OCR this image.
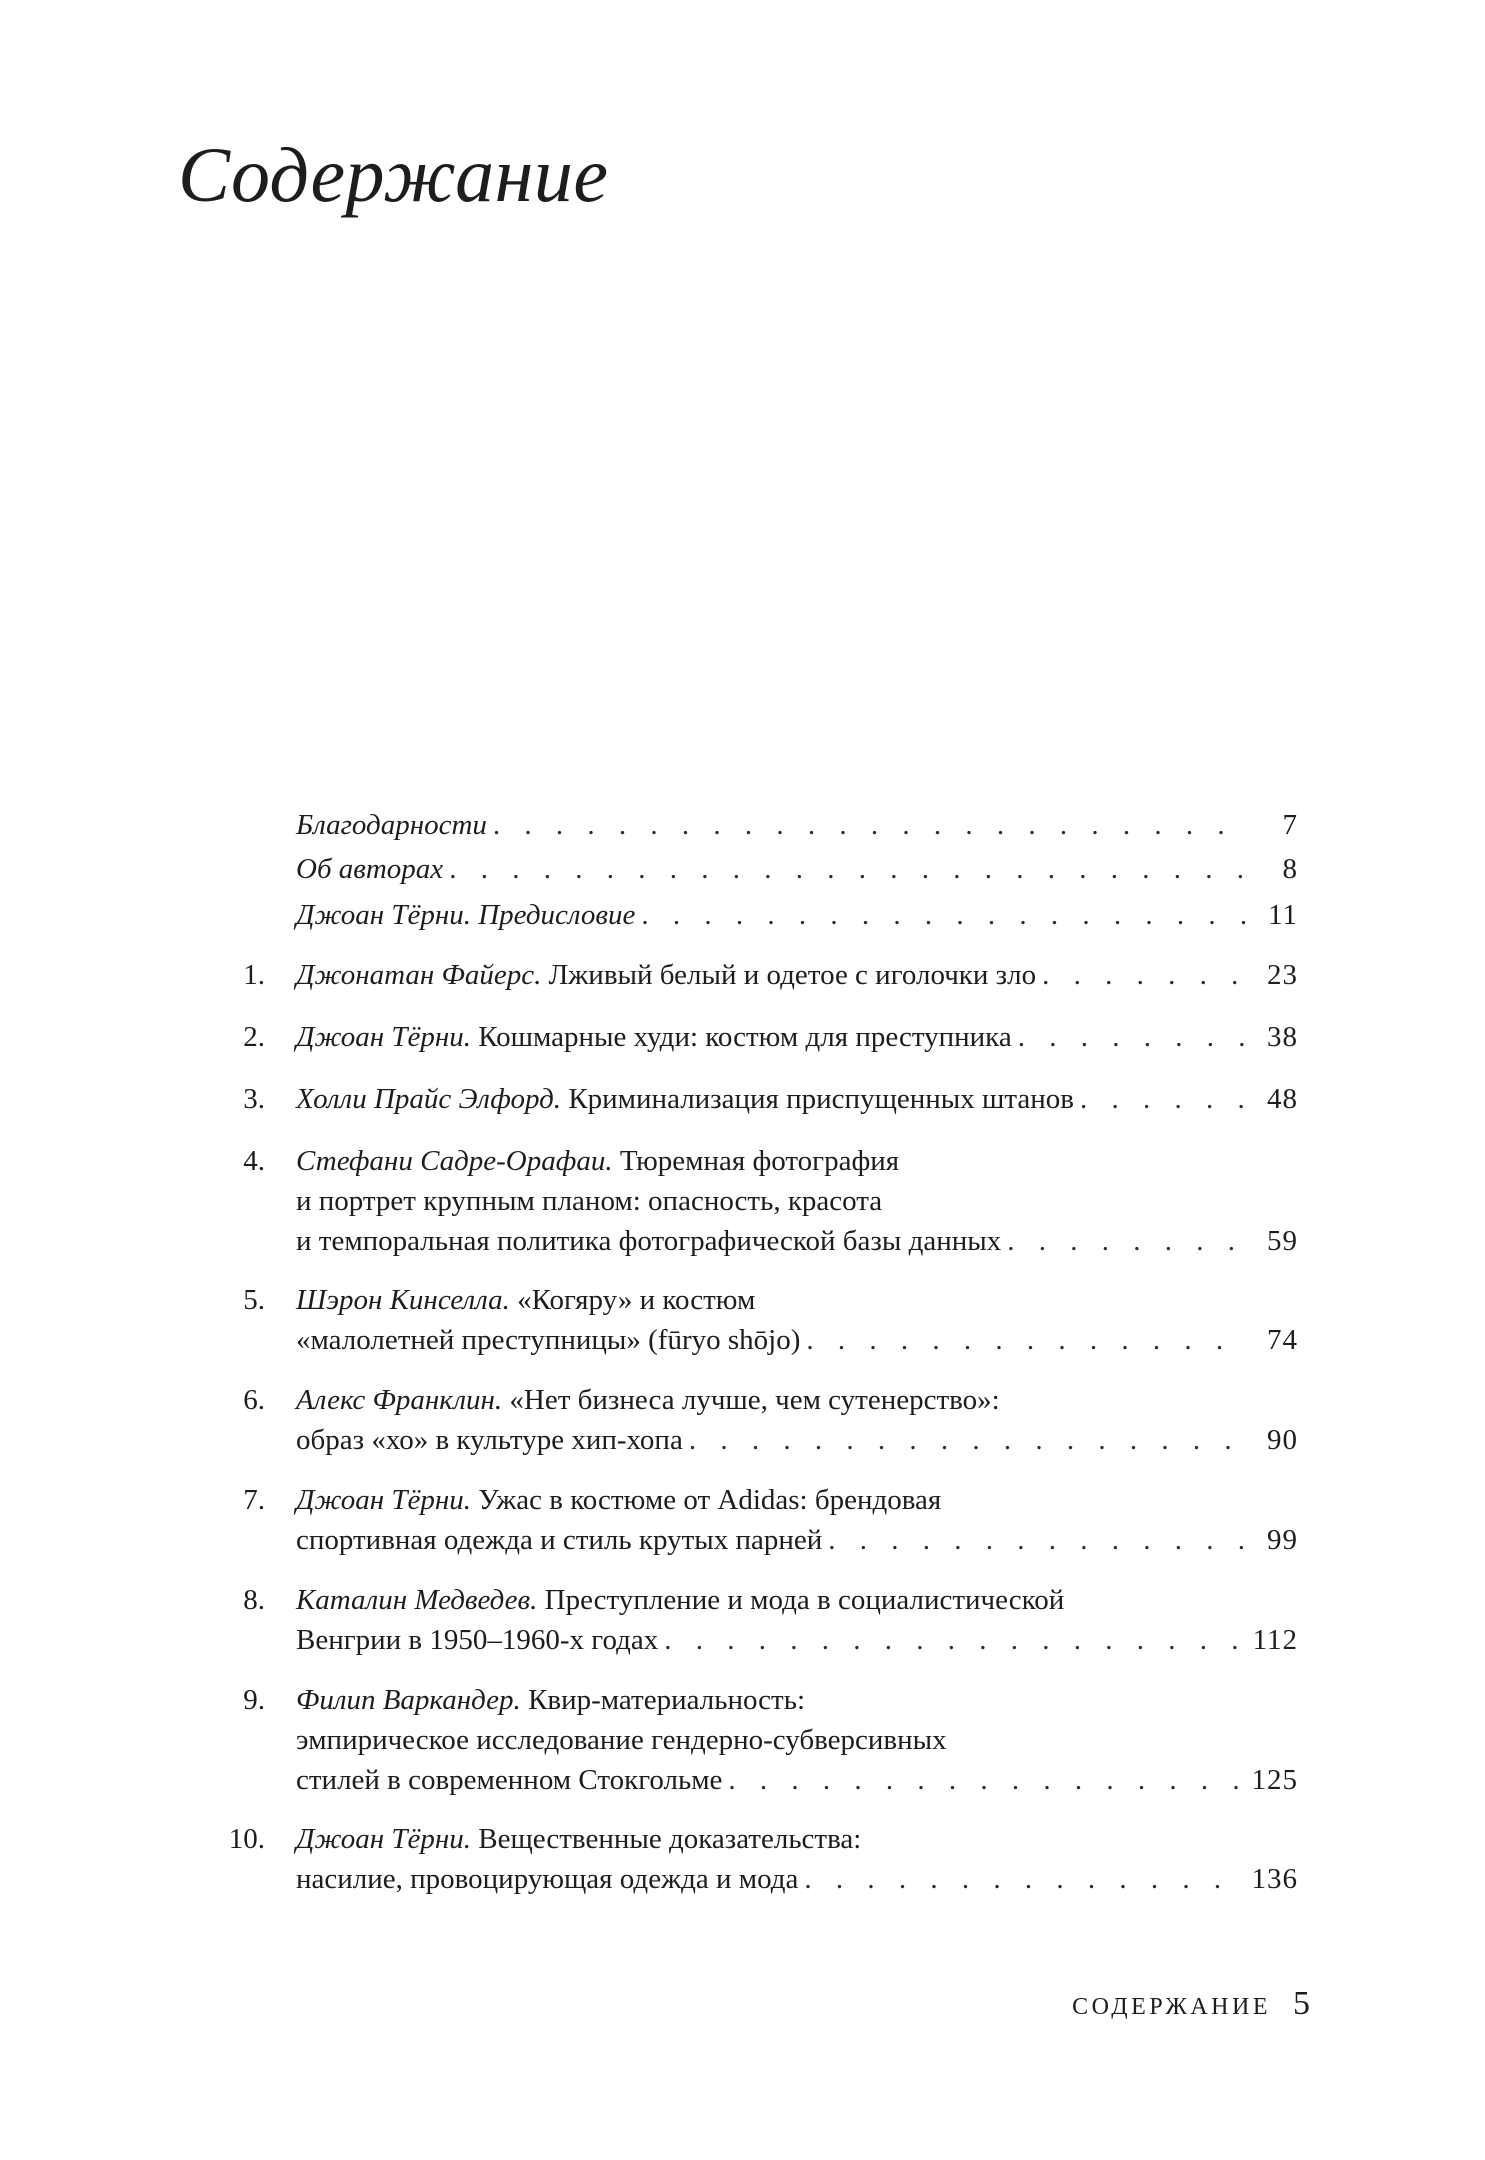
Содержание
Благодарности . . .	7
Об авторах . . .	8
Джоан Тёрни. Предисловие . . .	11
1. Джонатан Файерс. Лживый белый и одетое с иголочки зло . . .	23
2. Джоан Тёрни. Кошмарные худи: костюм для преступника . . .	38
3. Холли Прайс Элфорд. Криминализация приспущенных штанов . . .	48
4. Стефани Садре-Орафаи. Тюремная фотография
и портрет крупным планом: опасность, красота
и темпоральная политика фотографической базы данных . . .	59
5. Шэрон Кинселла. «Когяру» и костюм
«малолетней преступницы» (fūryo shōjo) . . .	74
6. Алекс Франклин. «Нет бизнеса лучше, чем сутенерство»:
образ «хо» в культуре хип-хопа . . .	90
7. Джоан Тёрни. Ужас в костюме от Adidas: брендовая
спортивная одежда и стиль крутых парней . . .	99
8. Каталин Медведев. Преступление и мода в социалистической
Венгрии в 1950–1960-х годах . . .	112
9. Филип Варкандер. Квир-материальность:
эмпирическое исследование гендерно-субверсивных
стилей в современном Стокгольме . . .	125
10. Джоан Тёрни. Вещественные доказательства:
насилие, провоцирующая одежда и мода . . .	136
СОДЕРЖАНИЕ 5
